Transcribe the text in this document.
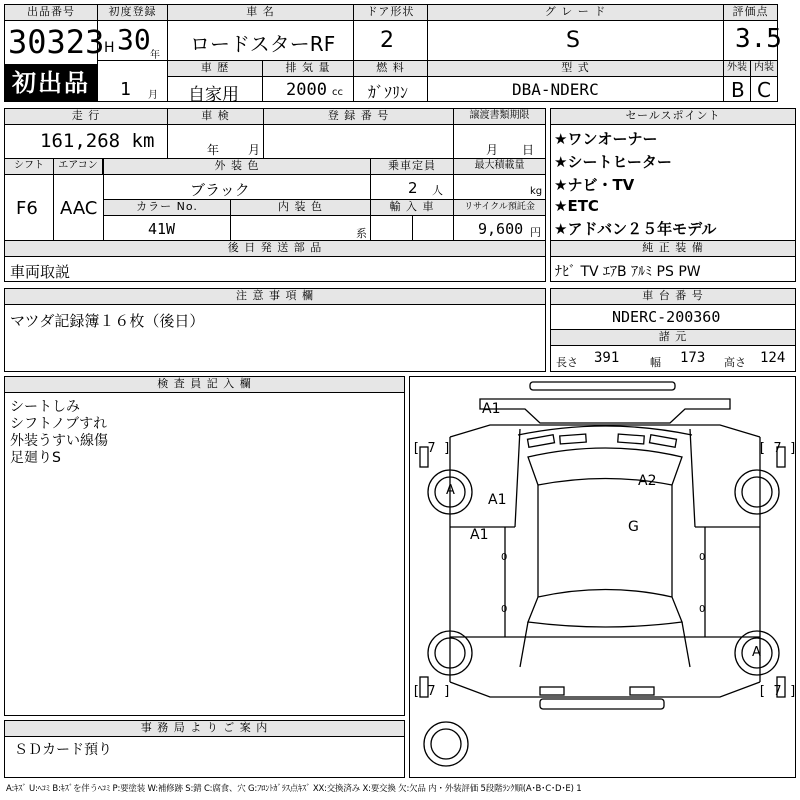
出品番号
30323
初出品
初度登録
H 30 年
1 月
車 名
ロードスターRF
ドア形状
2
グ レ ー ド
S
評価点
3.5
車 歴
自家用
排 気 量
2000 cc
燃 料
ｶﾞｿﾘﾝ
型 式
DBA-NDERC
外装
B
内装
C
走 行
161,268 km
車 検
年 月
登 録 番 号	譲渡書類期限
月 日
シフト
F6
エアコン
AAC
外 装 色
ブラック
乗車定員
2 人
最大積載量
kg
カラー No.
41W
内 装 色
系
輸 入 車	リサイクル預託金
9,600 円
後 日 発 送 部 品
車両取説
セールスポイント
★ワンオーナー
★シートヒーター
★ナビ・TV
★ETC
★アドバン２５年モデル
純 正 装 備
ﾅﾋﾞ TV ｴｱB ｱﾙﾐ PS PW
注 意 事 項 欄
マツダ記録簿１６枚（後日）
車 台 番 号
NDERC-200360
諸 元
長さ 391	幅 173 高さ 124
検 査 員 記 入 欄
シートしみ
シフトノブすれ
外装うすい線傷
足廻りS
事 務 局 よ り ご 案 内
ＳＤカード預り
A1
A1
A1
A2
G
A
A
[ 7 ]	[ 7 ]
[ 7 ]	[ 7 ]
0	0
0	0
A:ｷｽﾞ U:ﾍｺﾐ B:ｷｽﾞを伴うﾍｺﾐ P:要塗装 W:補修跡 S:錆 C:腐食、穴 G:ﾌﾛﾝﾄｶﾞﾗｽ点ｷｽﾞ XX:交換済み X:要交換 欠:欠品 内・外装評価 5段階ﾗﾝｸ順(A･B･C･D･E) 1
